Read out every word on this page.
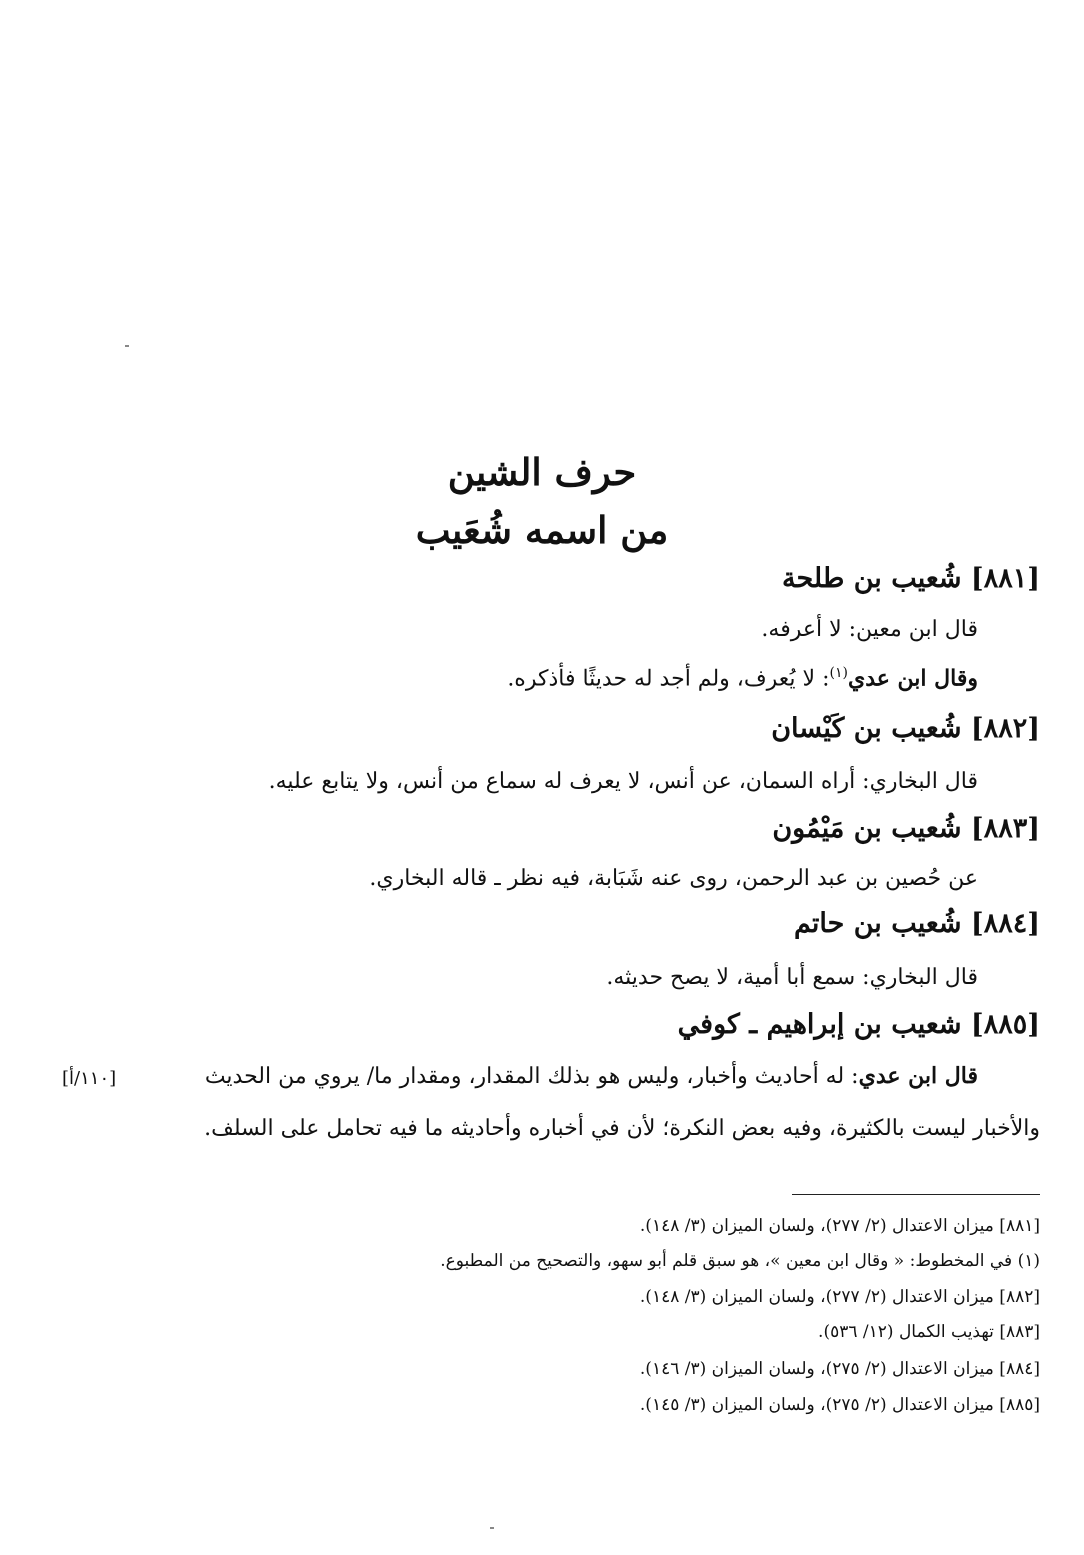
حرف الشين
من اسمه شُعَيب
[٨٨١] شُعيب بن طلحة
قال ابن معين: لا أعرفه.
وقال ابن عدي$^{(١)}$: لا يُعرف، ولم أجد له حديثًا فأذكره.
[٨٨٢] شُعيب بن كَيْسان
قال البخاري: أراه السمان، عن أنس، لا يعرف له سماع من أنس، ولا يتابع عليه.
[٨٨٣] شُعيب بن مَيْمُون
عن حُصين بن عبد الرحمن، روى عنه شَبَابة، فيه نظر ـ قاله البخاري.
[٨٨٤] شُعيب بن حاتم
قال البخاري: سمع أبا أمية، لا يصح حديثه.
[٨٨٥] شعيب بن إبراهيم ـ كوفي
قال ابن عدي: له أحاديث وأخبار، وليس هو بذلك المقدار، ومقدار ما/ يروي من الحديث
[١١٠/أ]
والأخبار ليست بالكثيرة، وفيه بعض النكرة؛ لأن في أخباره وأحاديثه ما فيه تحامل على السلف.
[٨٨١] ميزان الاعتدال (٢/ ٢٧٧)، ولسان الميزان (٣/ ١٤٨).
(١) في المخطوط: « وقال ابن معين »، هو سبق قلم أبو سهو، والتصحيح من المطبوع.
[٨٨٢] ميزان الاعتدال (٢/ ٢٧٧)، ولسان الميزان (٣/ ١٤٨).
[٨٨٣] تهذيب الكمال (١٢/ ٥٣٦).
[٨٨٤] ميزان الاعتدال (٢/ ٢٧٥)، ولسان الميزان (٣/ ١٤٦).
[٨٨٥] ميزان الاعتدال (٢/ ٢٧٥)، ولسان الميزان (٣/ ١٤٥).
